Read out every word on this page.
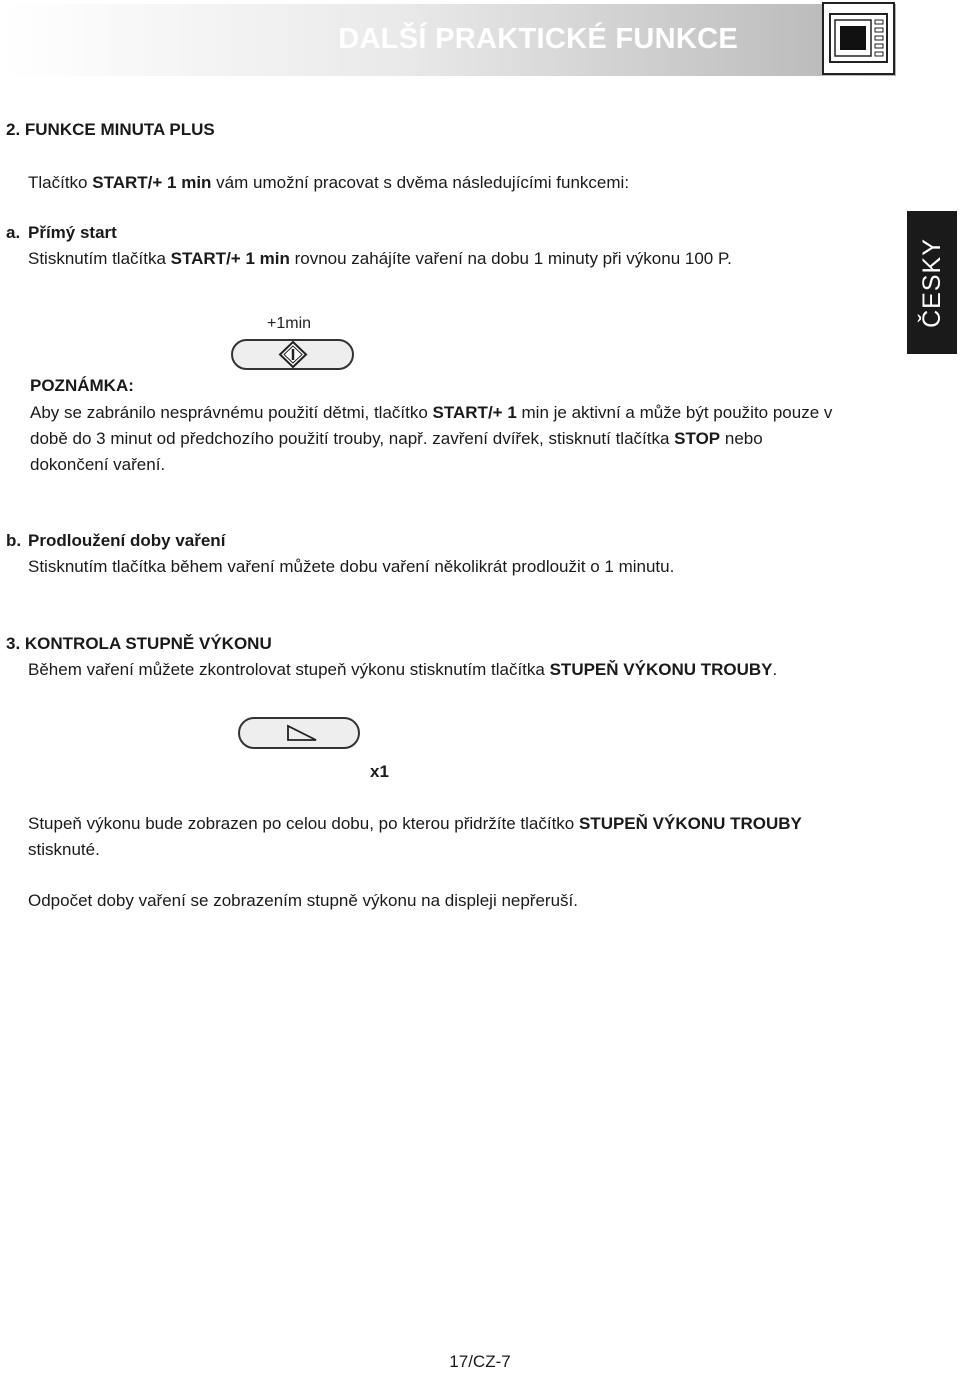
DALŠÍ PRAKTICKÉ FUNKCE
ČESKY
2. FUNKCE MINUTA PLUS
Tlačítko START/+ 1 min vám umožní pracovat s dvěma následujícími funkcemi:
a. Přímý start
Stisknutím tlačítka START/+ 1 min rovnou zahájíte vaření na dobu 1 minuty při výkonu 100 P.
+1min
POZNÁMKA:
Aby se zabránilo nesprávnému použití dětmi, tlačítko START/+ 1 min je aktivní a může být použito pouze v
době do 3 minut od předchozího použití trouby, např. zavření dvířek, stisknutí tlačítka STOP nebo
dokončení vaření.
b. Prodloužení doby vaření
Stisknutím tlačítka během vaření můžete dobu vaření několikrát prodloužit o 1 minutu.
3. KONTROLA STUPNĚ VÝKONU
Během vaření můžete zkontrolovat stupeň výkonu stisknutím tlačítka STUPEŇ VÝKONU TROUBY.
x1
Stupeň výkonu bude zobrazen po celou dobu, po kterou přidržíte tlačítko STUPEŇ VÝKONU TROUBY
stisknuté.
Odpočet doby vaření se zobrazením stupně výkonu na displeji nepřeruší.
17/CZ-7
